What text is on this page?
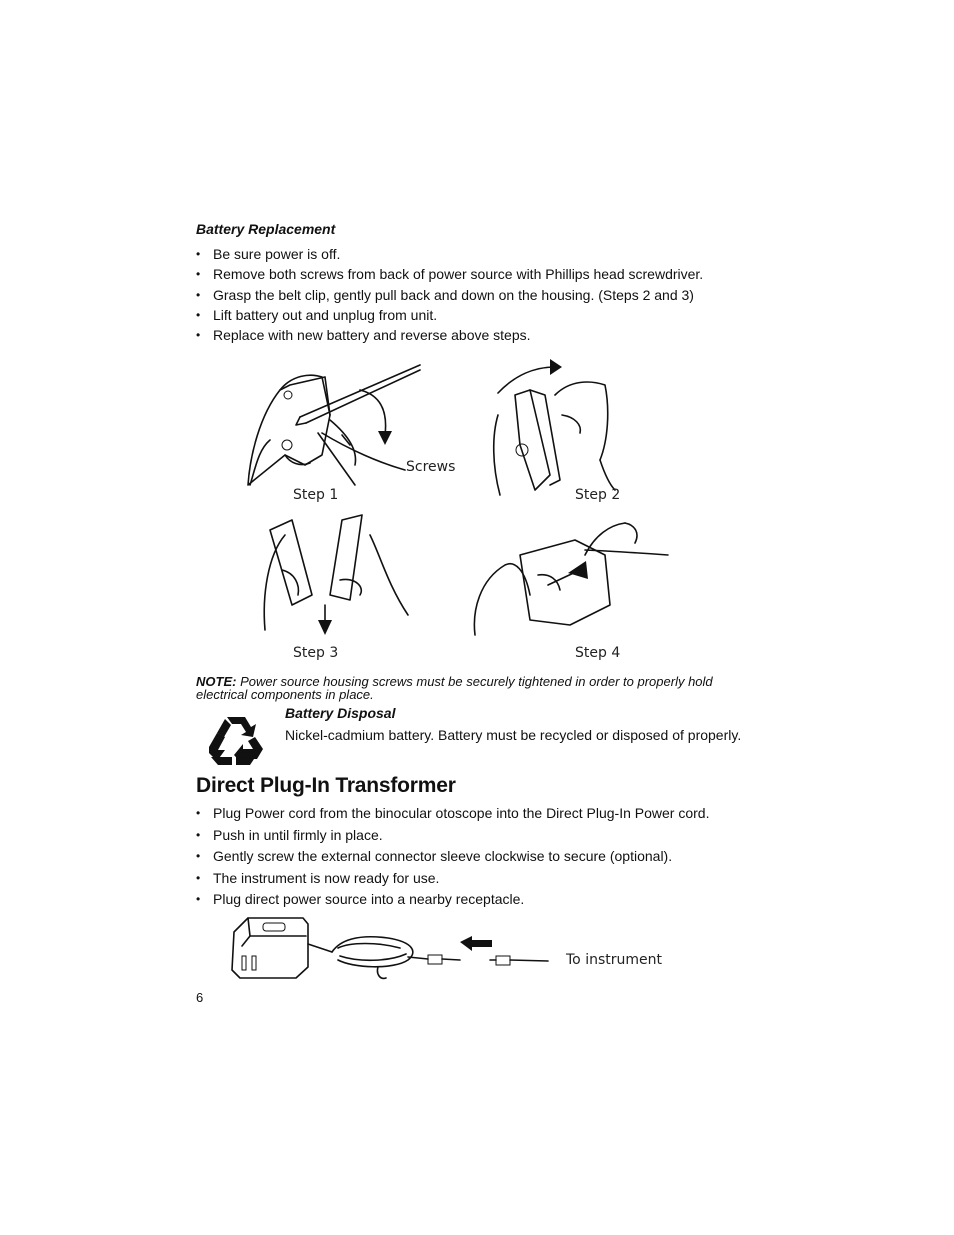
Battery Replacement
• Be sure power is off.
• Remove both screws from back of power source with Phillips head screwdriver.
• Grasp the belt clip, gently pull back and down on the housing. (Steps 2 and 3)
• Lift battery out and unplug from unit.
• Replace with new battery and reverse above steps.
Screws
Step 1	Step 2
Step 3	Step 4
NOTE: Power source housing screws must be securely tightened in order to properly hold electrical components in place.
Battery Disposal
Nickel-cadmium battery. Battery must be recycled or disposed of properly.
Direct Plug-In Transformer
• Plug Power cord from the binocular otoscope into the Direct Plug-In Power cord.
• Push in until firmly in place.
• Gently screw the external connector sleeve clockwise to secure (optional).
• The instrument is now ready for use.
• Plug direct power source into a nearby receptacle.
To instrument
6
